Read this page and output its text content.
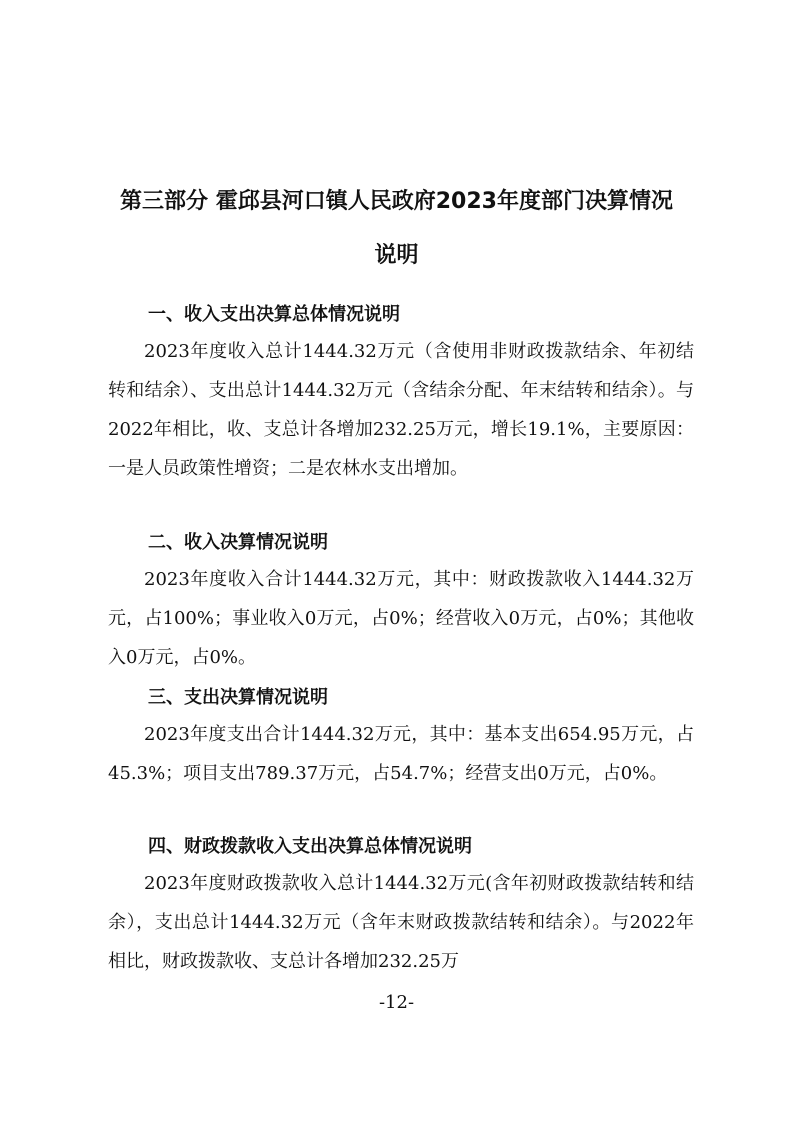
第三部分 霍邱县河口镇人民政府2023年度部门决算情况
说明
一、收入支出决算总体情况说明

2023年度收入总计1444.32万元（含使用非财政拨款结余、年初结转和结余）、支出总计1444.32万元（含结余分配、年末结转和结余）。与2022年相比，收、支总计各增加232.25万元，增长19.1%，主要原因：一是人员政策性增资；二是农林水支出增加。

二、收入决算情况说明

2023年度收入合计1444.32万元，其中：财政拨款收入1444.32万元，占100%；事业收入0万元，占0%；经营收入0万元，占0%；其他收入0万元，占0%。

三、支出决算情况说明

2023年度支出合计1444.32万元，其中：基本支出654.95万元，占45.3%；项目支出789.37万元，占54.7%；经营支出0万元，占0%。

四、财政拨款收入支出决算总体情况说明

2023年度财政拨款收入总计1444.32万元(含年初财政拨款结转和结余），支出总计1444.32万元（含年末财政拨款结转和结余）。与2022年相比，财政拨款收、支总计各增加232.25万

-12-
